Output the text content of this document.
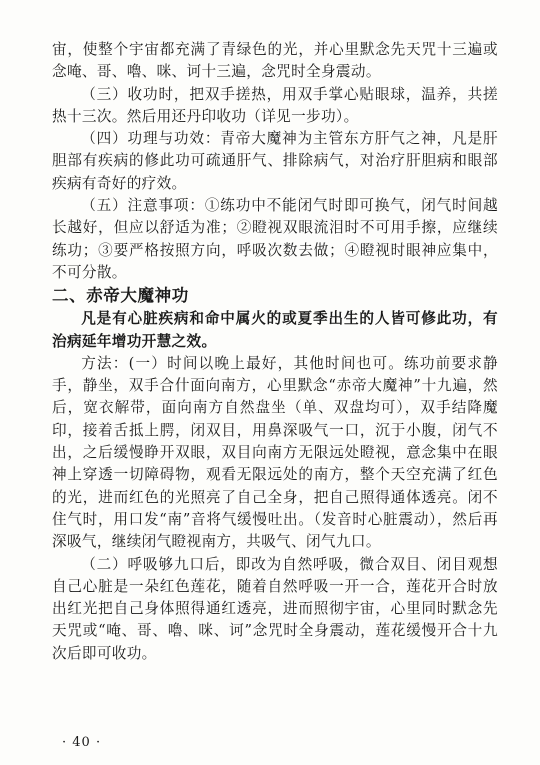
宙，使整个宇宙都充满了青绿色的光，并心里默念先天咒十三遍或念唵、哥、嚕、咪、诃十三遍，念咒时全身震动。

（三）收功时，把双手搓热，用双手掌心贴眼球，温养，共搓热十三次。然后用还丹印收功（详见一步功）。

（四）功理与功效：青帝大魔神为主管东方肝气之神，凡是肝胆部有疾病的修此功可疏通肝气、排除病气，对治疗肝胆病和眼部疾病有奇好的疗效。

（五）注意事项：①练功中不能闭气时即可换气，闭气时间越长越好，但应以舒适为准；②瞪视双眼流泪时不可用手擦，应继续练功；③要严格按照方向，呼吸次数去做；④瞪视时眼神应集中，不可分散。

二、赤帝大魔神功

凡是有心脏疾病和命中属火的或夏季出生的人皆可修此功，有治病延年增功开慧之效。

方法：(一）时间以晚上最好，其他时间也可。练功前要求静手，静坐，双手合什面向南方，心里默念“赤帝大魔神”十九遍，然后，宽衣解带，面向南方自然盘坐（单、双盘均可），双手结降魔印，接着舌抵上腭，闭双目，用鼻深吸气一口，沉于小腹，闭气不出，之后缓慢睁开双眼，双目向南方无限远处瞪视，意念集中在眼神上穿透一切障碍物，观看无限远处的南方，整个天空充满了红色的光，进而红色的光照亮了自己全身，把自己照得通体透亮。闭不住气时，用口发“南”音将气缓慢吐出。（发音时心脏震动），然后再深吸气，继续闭气瞪视南方，共吸气、闭气九口。

（二）呼吸够九口后，即改为自然呼吸，微合双目、闭目观想自己心脏是一朵红色莲花，随着自然呼吸一开一合，莲花开合时放出红光把自己身体照得通红透亮，进而照彻宇宙，心里同时默念先天咒或“唵、哥、嚕、咪、诃”念咒时全身震动，莲花缓慢开合十九次后即可收功。

· 40 ·
